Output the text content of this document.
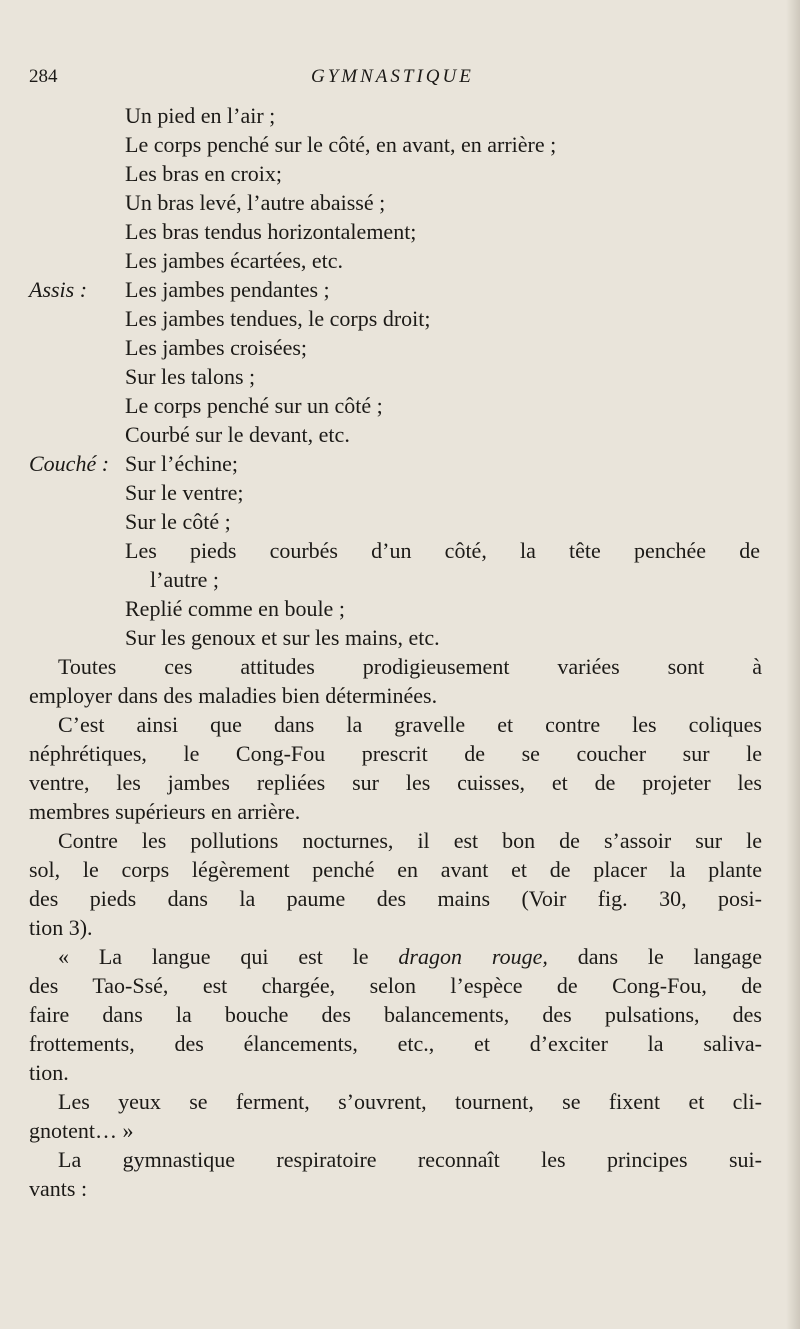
284	GYMNASTIQUE
Un pied en l’air ;
Le corps penché sur le côté, en avant, en arrière ;
Les bras en croix;
Un bras levé, l’autre abaissé ;
Les bras tendus horizontalement;
Les jambes écartées, etc.
Assis : Les jambes pendantes ;
Les jambes tendues, le corps droit;
Les jambes croisées;
Sur les talons ;
Le corps penché sur un côté ;
Courbé sur le devant, etc.
Couché : Sur l’échine;
Sur le ventre;
Sur le côté ;
Les pieds courbés d’un côté, la tête penchée de
l’autre ;
Replié comme en boule ;
Sur les genoux et sur les mains, etc.
Toutes ces attitudes prodigieusement variées sont à
employer dans des maladies bien déterminées.
C’est ainsi que dans la gravelle et contre les coliques
néphrétiques, le Cong-Fou prescrit de se coucher sur le
ventre, les jambes repliées sur les cuisses, et de projeter les
membres supérieurs en arrière.
Contre les pollutions nocturnes, il est bon de s’assoir sur le
sol, le corps légèrement penché en avant et de placer la plante
des pieds dans la paume des mains (Voir fig. 30, posi-
tion 3).
« La langue qui est le dragon rouge, dans le langage
des Tao-Ssé, est chargée, selon l’espèce de Cong-Fou, de
faire dans la bouche des balancements, des pulsations, des
frottements, des élancements, etc., et d’exciter la saliva-
tion.
Les yeux se ferment, s’ouvrent, tournent, se fixent et cli-
gnotent… »
La gymnastique respiratoire reconnaît les principes sui-
vants :
